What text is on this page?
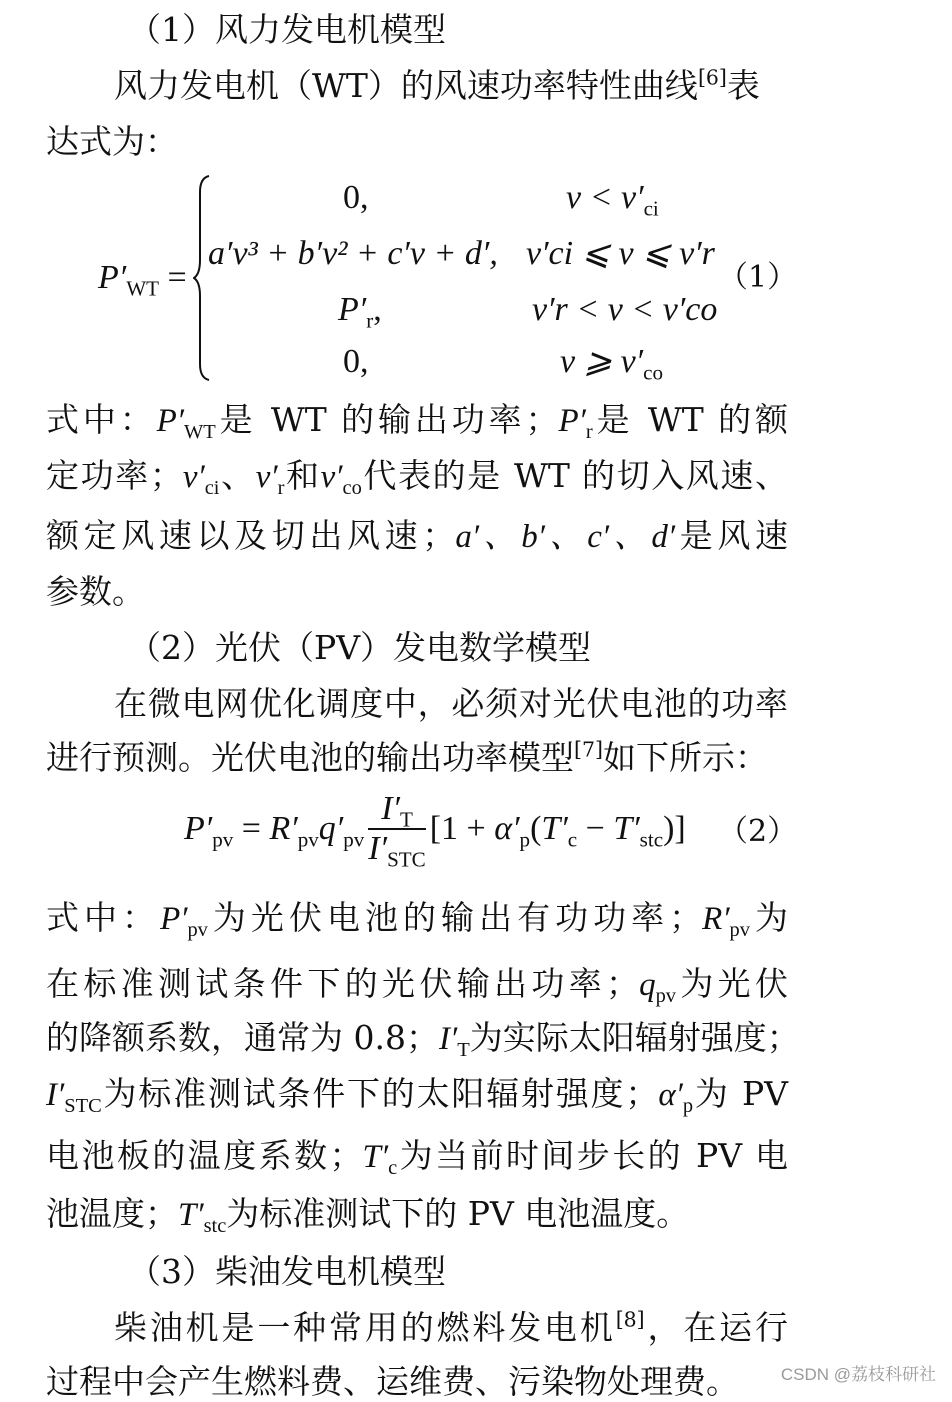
（1）风力发电机模型
风力发电机（WT）的风速功率特性曲线[6]表
达式为：
$P'_{WT}$ =
0,	$v < v'_{ci}$
a′v³ + b′v² + c′v + d′, v′ci ⩽ v ⩽ v′r
$P'_r$,	v′r < v < v′co
0,	v ⩾ $v'_{co}$
（1）
式中：$P'_{WT}$是 WT 的输出功率；$P'_r$是 WT 的额
定功率；$v'_{ci}$、$v'_r$和$v'_{co}$代表的是 WT 的切入风速、
额定风速以及切出风速；a′、b′、c′、d′是风速
参数。
（2）光伏（PV）发电数学模型
在微电网优化调度中，必须对光伏电池的功率
进行预测。光伏电池的输出功率模型[7]如下所示：
$P'_{pv} = R'_{pv}q'_{pv} \frac{I'_T}{I'_{STC}} [1 + \alpha'_p(T'_c - T'_{stc})]$ （2）
式中：$P'_{pv}$为光伏电池的输出有功功率；$R'_{pv}$为
在标准测试条件下的光伏输出功率；$q_{pv}$为光伏
的降额系数，通常为 0.8；$I'_T$为实际太阳辐射强度；
$I'_{STC}$为标准测试条件下的太阳辐射强度；$\alpha'_p$为 PV
电池板的温度系数；$T'_c$为当前时间步长的 PV 电
池温度；$T'_{stc}$为标准测试下的 PV 电池温度。
（3）柴油发电机模型
柴油机是一种常用的燃料发电机[8]，在运行
过程中会产生燃料费、运维费、污染物处理费。	CSDN @荔枝科研社
